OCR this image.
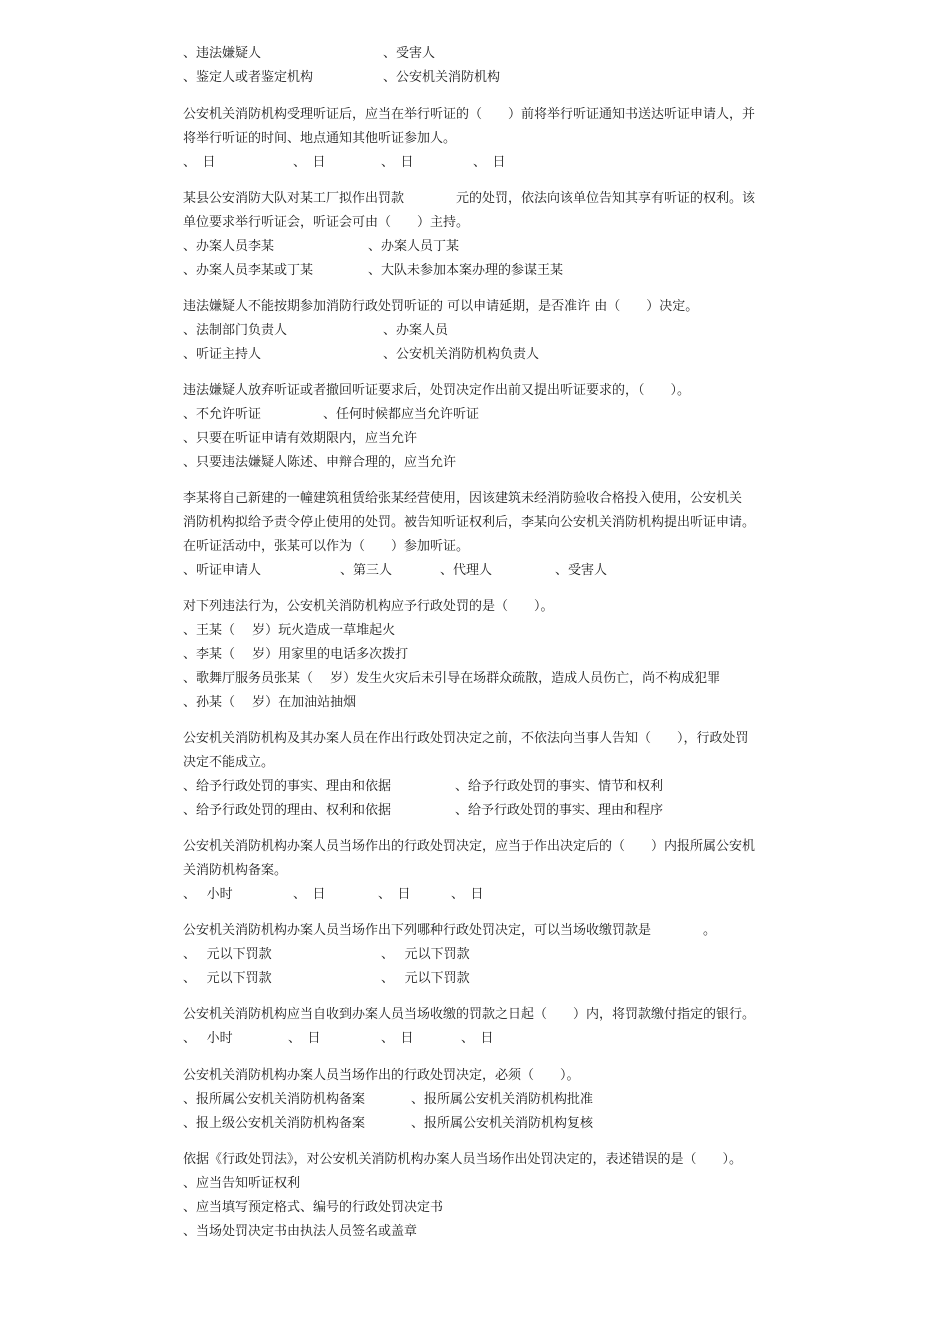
、违法嫌疑人	、受害人
、鉴定人或者鉴定机构	、公安机关消防机构
公安机关消防机构受理听证后，应当在举行听证的（　　）前将举行听证通知书送达听证申请人，并
将举行听证的时间、地点通知其他听证参加人。
、　日	、　日	、　日	、　日
某县公安消防大队对某工厂拟作出罚款　　　　元的处罚，依法向该单位告知其享有听证的权利。该
单位要求举行听证会，听证会可由（　　）主持。
、办案人员李某	、办案人员丁某
、办案人员李某或丁某	、大队未参加本案办理的参谋王某
违法嫌疑人不能按期参加消防行政处罚听证的 可以申请延期，是否准许 由（　　）决定。
、法制部门负责人	、办案人员
、听证主持人	、公安机关消防机构负责人
违法嫌疑人放弃听证或者撤回听证要求后，处罚决定作出前又提出听证要求的，（　　）。
、不允许听证	、任何时候都应当允许听证
、只要在听证申请有效期限内，应当允许
、只要违法嫌疑人陈述、申辩合理的，应当允许
李某将自己新建的一幢建筑租赁给张某经营使用，因该建筑未经消防验收合格投入使用，公安机关
消防机构拟给予责令停止使用的处罚。被告知听证权利后，李某向公安机关消防机构提出听证申请。
在听证活动中，张某可以作为（　　）参加听证。
、听证申请人	、第三人	、代理人	、受害人
对下列违法行为，公安机关消防机构应予行政处罚的是（　　）。
、王某（　 岁）玩火造成一草堆起火
、李某（　 岁）用家里的电话多次拨打
、歌舞厅服务员张某（　 岁）发生火灾后未引导在场群众疏散，造成人员伤亡，尚不构成犯罪
、孙某（　 岁）在加油站抽烟
公安机关消防机构及其办案人员在作出行政处罚决定之前，不依法向当事人告知（　　），行政处罚
决定不能成立。
、给予行政处罚的事实、理由和依据	、给予行政处罚的事实、情节和权利
、给予行政处罚的理由、权利和依据	、给予行政处罚的事实、理由和程序
公安机关消防机构办案人员当场作出的行政处罚决定，应当于作出决定后的（　　）内报所属公安机
关消防机构备案。
、　 小时	、　日	、　日	、　日
公安机关消防机构办案人员当场作出下列哪种行政处罚决定，可以当场收缴罚款是　　　　。
、　 元以下罚款	、　 元以下罚款
、　 元以下罚款	、　 元以下罚款
公安机关消防机构应当自收到办案人员当场收缴的罚款之日起（　　）内，将罚款缴付指定的银行。
、　 小时	、　日	、　日	、　日
公安机关消防机构办案人员当场作出的行政处罚决定，必须（　　）。
、报所属公安机关消防机构备案	、报所属公安机关消防机构批准
、报上级公安机关消防机构备案	、报所属公安机关消防机构复核
依据《行政处罚法》，对公安机关消防机构办案人员当场作出处罚决定的，表述错误的是（　　）。
、应当告知听证权利
、应当填写预定格式、编号的行政处罚决定书
、当场处罚决定书由执法人员签名或盖章
